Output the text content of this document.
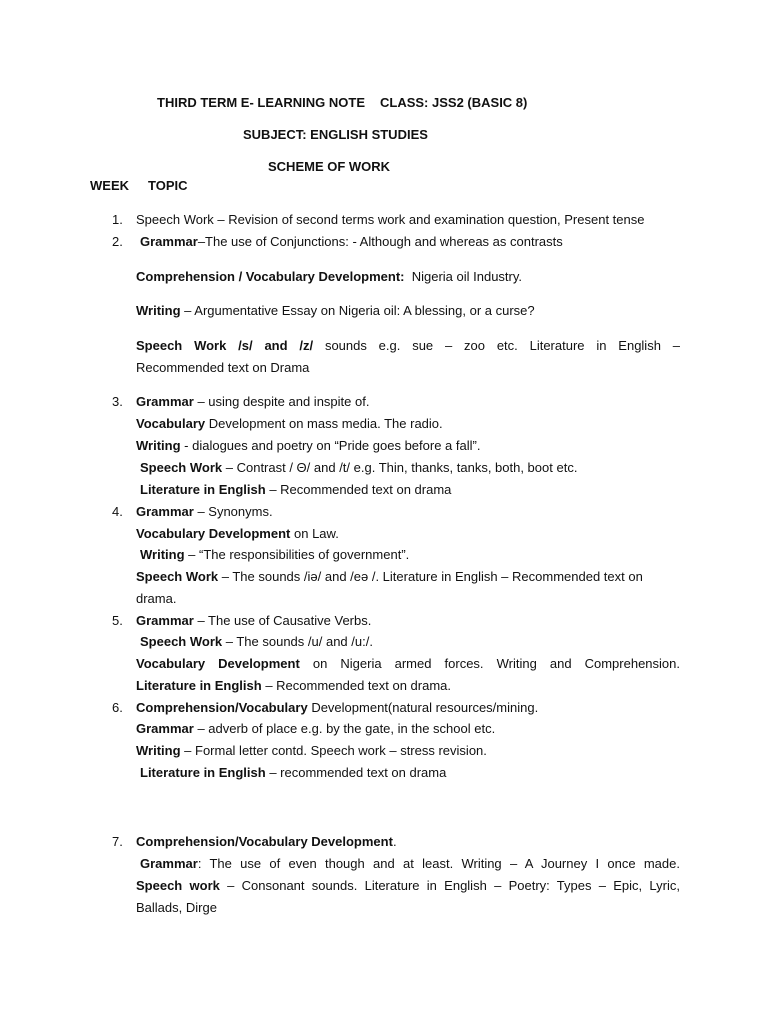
THIRD TERM E- LEARNING NOTE CLASS: JSS2 (BASIC 8)
SUBJECT: ENGLISH STUDIES
SCHEME OF WORK
WEEK TOPIC
1.	Speech Work – Revision of second terms work and examination question, Present tense
2.	Grammar–The use of Conjunctions: - Although and whereas as contrasts
Comprehension / Vocabulary Development: Nigeria oil Industry.
Writing – Argumentative Essay on Nigeria oil: A blessing, or a curse?
Speech Work /s/ and /z/ sounds e.g. sue – zoo etc. Literature in English –
Recommended text on Drama
3.	Grammar – using despite and inspite of.
Vocabulary Development on mass media. The radio.
Writing - dialogues and poetry on “Pride goes before a fall”.
Speech Work – Contrast / Θ/ and /t/ e.g. Thin, thanks, tanks, both, boot etc.
Literature in English – Recommended text on drama
4.	Grammar – Synonyms.
Vocabulary Development on Law.
Writing – “The responsibilities of government”.
Speech Work – The sounds /iə/ and /eə /. Literature in English – Recommended text on
drama.
5.	Grammar – The use of Causative Verbs.
Speech Work – The sounds /u/ and /u:/.
Vocabulary Development on Nigeria armed forces. Writing and Comprehension.
Literature in English – Recommended text on drama.
6.	Comprehension/Vocabulary Development(natural resources/mining.
Grammar – adverb of place e.g. by the gate, in the school etc.
Writing – Formal letter contd. Speech work – stress revision.
Literature in English – recommended text on drama
7.	Comprehension/Vocabulary Development.
Grammar: The use of even though and at least. Writing – A Journey I once made.
Speech work – Consonant sounds. Literature in English – Poetry: Types – Epic, Lyric,
Ballads, Dirge
